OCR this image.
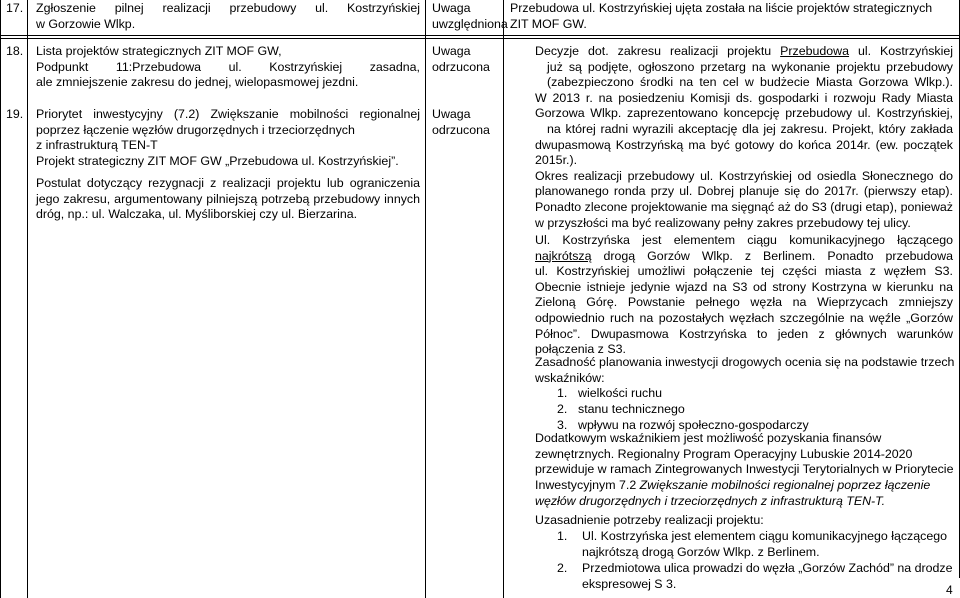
17. Zgłoszenie pilnej realizacji przebudowy ul. Kostrzyńskiej

w Gorzowie Wlkp.

Uwaga
uwzględniona
Przebudowa ul. Kostrzyńskiej ujęta została na liście projektów strategicznych
ZIT MOF GW.
18. Lista projektów strategicznych ZIT MOF GW,

Podpunkt 11:Przebudowa ul. Kostrzyńskiej zasadna,

ale zmniejszenie zakresu do jednej, wielopasmowej jezdni.

Uwaga
odrzucona
19. Priorytet inwestycyjny (7.2) Zwiększanie mobilności regionalnej

poprzez łączenie węzłów drugorzędnych i trzeciorzędnych

z infrastrukturą TEN-T

Projekt strategiczny ZIT MOF GW „Przebudowa ul. Kostrzyńskiej”.

Postulat dotyczący rezygnacji z realizacji projektu lub ograniczenia

jego zakresu, argumentowany pilniejszą potrzebą przebudowy innych

dróg, np.: ul. Walczaka, ul. Myśliborskiej czy ul. Bierzarina.

Uwaga
odrzucona

Decyzje dot. zakresu realizacji projektu Przebudowa ul. Kostrzyńskiej

już są podjęte, ogłoszono przetarg na wykonanie projektu przebudowy

(zabezpieczono środki na ten cel w budżecie Miasta Gorzowa Wlkp.).

W 2013 r. na posiedzeniu Komisji ds. gospodarki i rozwoju Rady Miasta

Gorzowa Wlkp. zaprezentowano koncepcję przebudowy ul. Kostrzyńskiej,

na której radni wyrazili akceptację dla jej zakresu. Projekt, który zakłada

dwupasmową Kostrzyńską ma być gotowy do końca 2014r. (ew. początek

2015r.).

Okres realizacji przebudowy ul. Kostrzyńskiej od osiedla Słonecznego do

planowanego ronda przy ul. Dobrej planuje się do 2017r. (pierwszy etap).

Ponadto zlecone projektowanie ma sięgnąć aż do S3 (drugi etap), ponieważ

w przyszłości ma być realizowany pełny zakres przebudowy tej ulicy.

Ul. Kostrzyńska jest elementem ciągu komunikacyjnego łączącego

najkrótszą drogą Gorzów Wlkp. z Berlinem. Ponadto przebudowa

ul. Kostrzyńskiej umożliwi połączenie tej części miasta z węzłem S3.

Obecnie istnieje jedynie wjazd na S3 od strony Kostrzyna w kierunku na

Zieloną Górę. Powstanie pełnego węzła na Wieprzycach zmniejszy

odpowiednio ruch na pozostałych węzłach szczególnie na węźle „Gorzów

Północ”. Dwupasmowa Kostrzyńska to jeden z głównych warunków

połączenia z S3.

Zasadność planowania inwestycji drogowych ocenia się na podstawie trzech
wskaźników:
1. wielkości ruchu
2. stanu technicznego
3. wpływu na rozwój społeczno-gospodarczy
Dodatkowym wskaźnikiem jest możliwość pozyskania finansów
zewnętrznych. Regionalny Program Operacyjny Lubuskie 2014-2020
przewiduje w ramach Zintegrowanych Inwestycji Terytorialnych w Priorytecie
Inwestycyjnym 7.2 Zwiększanie mobilności regionalnej poprzez łączenie
węzłów drugorzędnych i trzeciorzędnych z infrastrukturą TEN-T.
Uzasadnienie potrzeby realizacji projektu:
1. Ul. Kostrzyńska jest elementem ciągu komunikacyjnego łączącego
najkrótszą drogą Gorzów Wlkp. z Berlinem.
2. Przedmiotowa ulica prowadzi do węzła „Gorzów Zachód” na drodze
ekspresowej S 3.	4
